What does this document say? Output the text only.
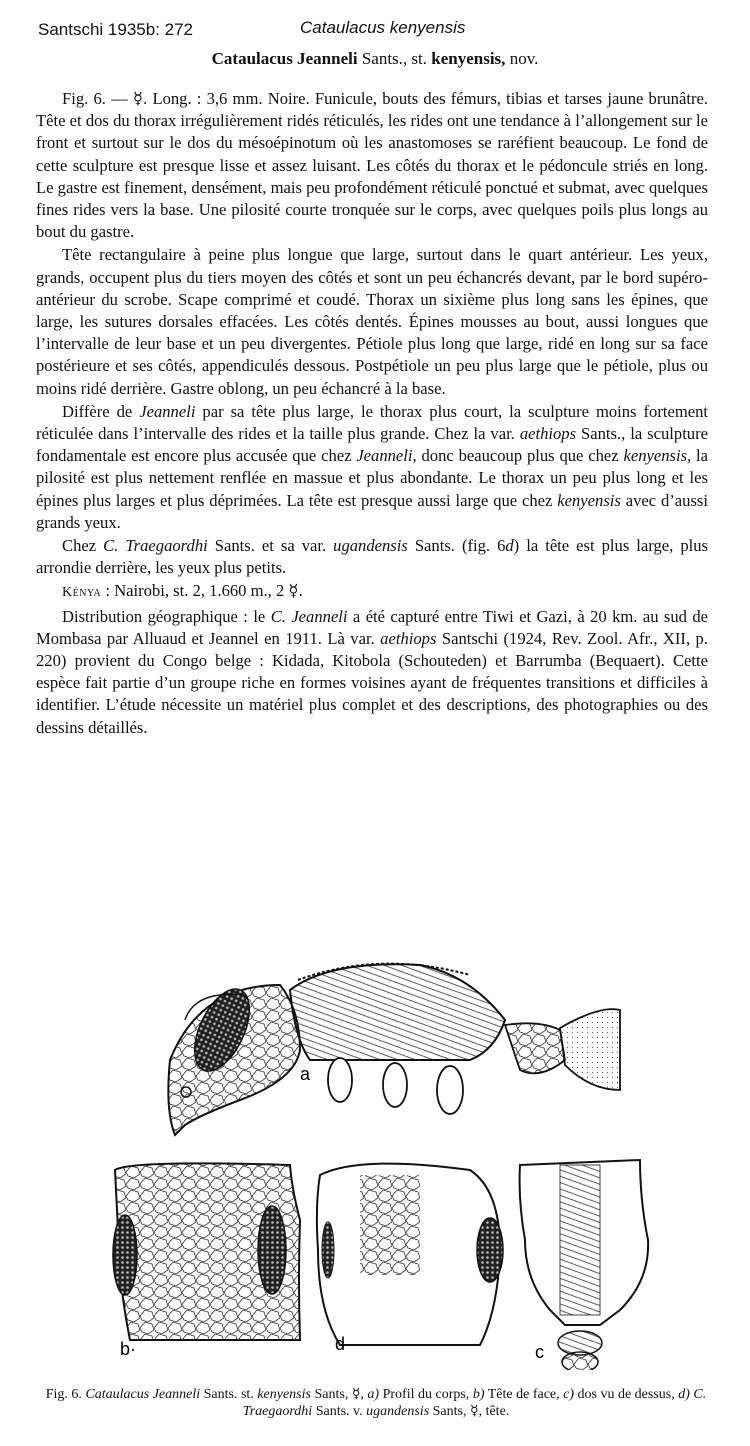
Santschi 1935b: 272	Cataulacus kenyensis
Cataulacus Jeanneli Sants., st. kenyensis, nov.

Fig. 6. — ☿. Long. : 3,6 mm. Noire. Funicule, bouts des fémurs, tibias et tarses jaune brunâtre. Tête et dos du thorax irrégulièrement ridés réticulés, les rides ont une tendance à l’allongement sur le front et surtout sur le dos du mésoépinotum où les anastomoses se raréfient beaucoup. Le fond de cette sculpture est presque lisse et assez luisant. Les côtés du thorax et le pédoncule striés en long. Le gastre est finement, densément, mais peu profondément réticulé ponctué et submat, avec quelques fines rides vers la base. Une pilosité courte tronquée sur le corps, avec quelques poils plus longs au bout du gastre.

Tête rectangulaire à peine plus longue que large, surtout dans le quart antérieur. Les yeux, grands, occupent plus du tiers moyen des côtés et sont un peu échancrés devant, par le bord supéro-antérieur du scrobe. Scape comprimé et coudé. Thorax un sixième plus long sans les épines, que large, les sutures dorsales effacées. Les côtés dentés. Épines mousses au bout, aussi longues que l’intervalle de leur base et un peu divergentes. Pétiole plus long que large, ridé en long sur sa face postérieure et ses côtés, appendiculés dessous. Postpétiole un peu plus large que le pétiole, plus ou moins ridé derrière. Gastre oblong, un peu échancré à la base.

Diffère de Jeanneli par sa tête plus large, le thorax plus court, la sculpture moins fortement réticulée dans l’intervalle des rides et la taille plus grande. Chez la var. aethiops Sants., la sculpture fondamentale est encore plus accusée que chez Jeanneli, donc beaucoup plus que chez kenyensis, la pilosité est plus nettement renflée en massue et plus abondante. Le thorax un peu plus long et les épines plus larges et plus déprimées. La tête est presque aussi large que chez kenyensis avec d’aussi grands yeux.

Chez C. Traegaordhi Sants. et sa var. ugandensis Sants. (fig. 6d) la tête est plus large, plus arrondie derrière, les yeux plus petits.

Kénya : Nairobi, st. 2, 1.660 m., 2 ☿.

Distribution géographique : le C. Jeanneli a été capturé entre Tiwi et Gazi, à 20 km. au sud de Mombasa par Alluaud et Jeannel en 1911. Là var. aethiops Santschi (1924, Rev. Zool. Afr., XII, p. 220) provient du Congo belge : Kidada, Kitobola (Schouteden) et Barrumba (Bequaert). Cette espèce fait partie d’un groupe riche en formes voisines ayant de fréquentes transitions et difficiles à identifier. L’étude nécessite un matériel plus complet et des descriptions, des photographies ou des dessins détaillés.

a
b·	d	c
Fig. 6. Cataulacus Jeanneli Sants. st. kenyensis Sants, ☿, a) Profil du corps, b) Tête de face, c) dos vu de dessus, d) C. Traegaordhi Sants. v. ugandensis Sants, ☿, tête.
